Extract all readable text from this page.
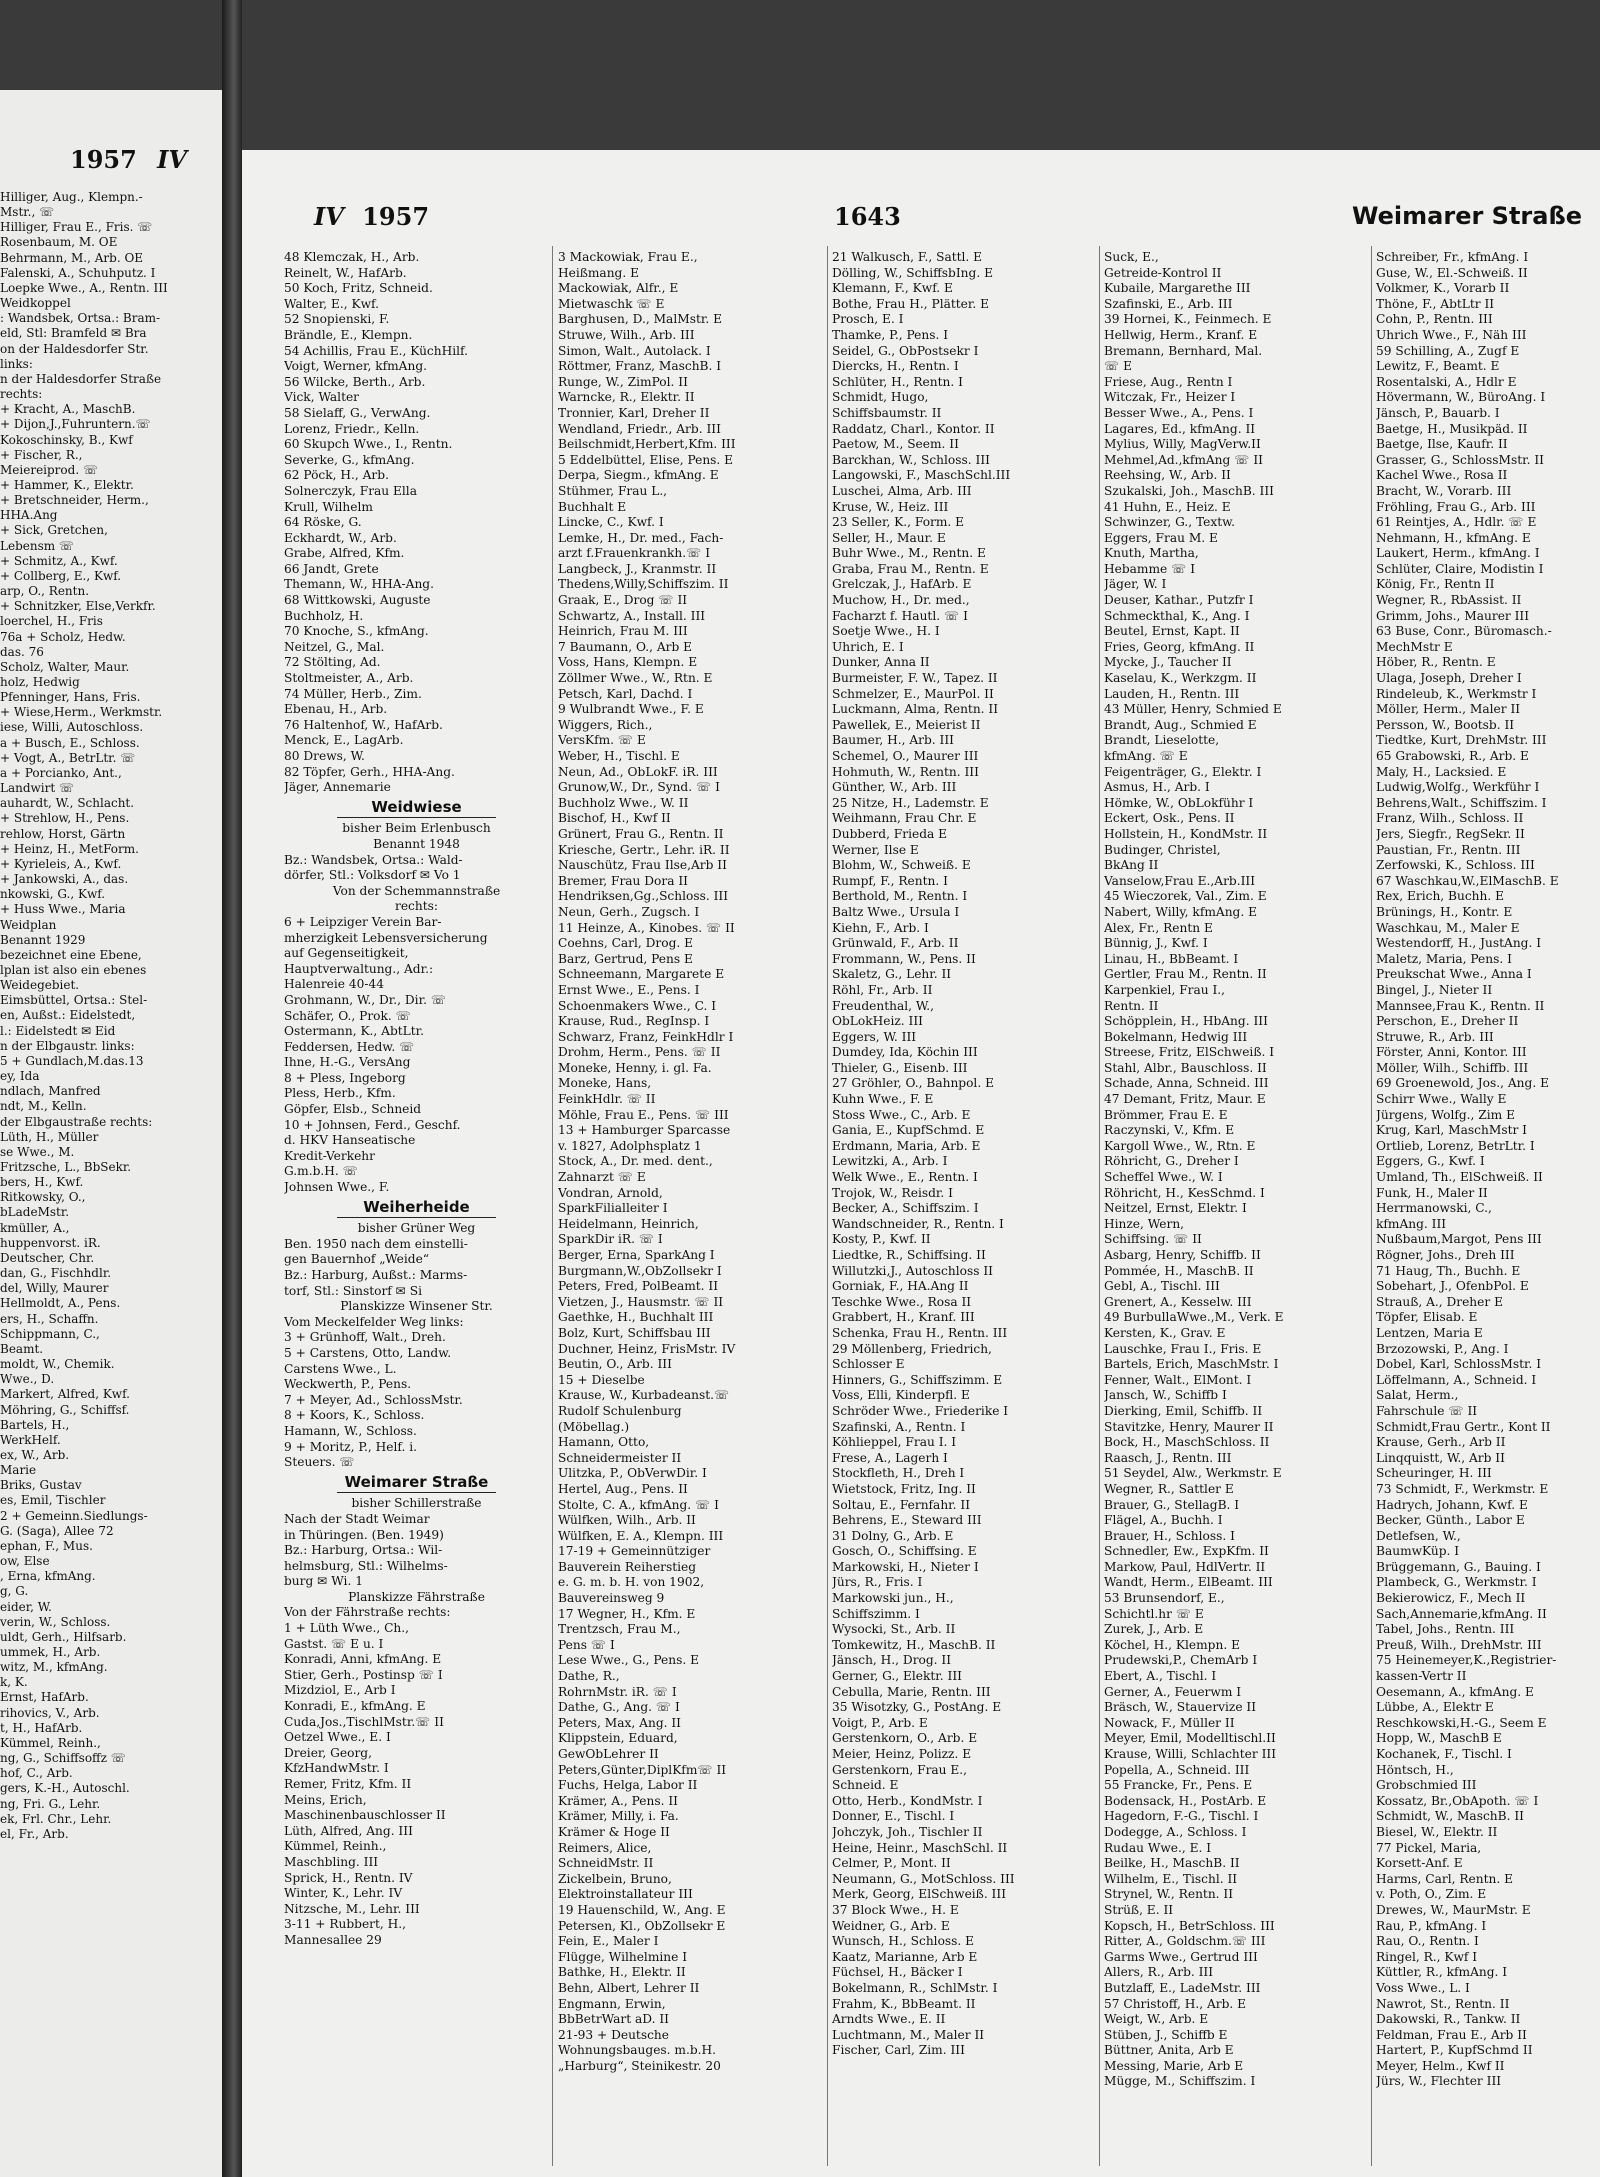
1957 IV
Hilliger, Aug., Klempn.-
Mstr., ☏
Hilliger, Frau E., Fris. ☏
Rosenbaum, M. OE
Behrmann, M., Arb. OE
Falenski, A., Schuhputz. I
Loepke Wwe., A., Rentn. III
Weidkoppel
: Wandsbek, Ortsa.: Bram-
eld, Stl: Bramfeld ✉ Bra
on der Haldesdorfer Str.
links:
n der Haldesdorfer Straße
rechts:
+ Kracht, A., MaschB.
+ Dijon,J.,Fuhruntern.☏
Kokoschinsky, B., Kwf
+ Fischer, R.,
Meiereiprod. ☏
+ Hammer, K., Elektr.
+ Bretschneider, Herm.,
HHA.Ang
+ Sick, Gretchen,
Lebensm ☏
+ Schmitz, A., Kwf.
+ Collberg, E., Kwf.
arp, O., Rentn.
+ Schnitzker, Else,Verkfr.
loerchel, H., Fris
76a + Scholz, Hedw.
das. 76
Scholz, Walter, Maur.
holz, Hedwig
Pfenninger, Hans, Fris.
+ Wiese,Herm., Werkmstr.
iese, Willi, Autoschloss.
a + Busch, E., Schloss.
+ Vogt, A., BetrLtr. ☏
a + Porcianko, Ant.,
Landwirt ☏
auhardt, W., Schlacht.
+ Strehlow, H., Pens.
rehlow, Horst, Gärtn
+ Heinz, H., MetForm.
+ Kyrieleis, A., Kwf.
+ Jankowski, A., das.
nkowski, G., Kwf.
+ Huss Wwe., Maria
Weidplan
Benannt 1929
bezeichnet eine Ebene,
lplan ist also ein ebenes
Weidegebiet.
Eimsbüttel, Ortsa.: Stel-
en, Außst.: Eidelstedt,
l.: Eidelstedt ✉ Eid
n der Elbgaustr. links:
5 + Gundlach,M.das.13
ey, Ida
ndlach, Manfred
ndt, M., Kelln.
der Elbgaustraße rechts:
Lüth, H., Müller
se Wwe., M.
Fritzsche, L., BbSekr.
bers, H., Kwf.
Ritkowsky, O.,
bLadeMstr.
kmüller, A.,
huppenvorst. iR.
Deutscher, Chr.
dan, G., Fischhdlr.
del, Willy, Maurer
Hellmoldt, A., Pens.
ers, H., Schaffn.
Schippmann, C.,
Beamt.
moldt, W., Chemik.
Wwe., D.
Markert, Alfred, Kwf.
Möhring, G., Schiffsf.
Bartels, H.,
WerkHelf.
ex, W., Arb.
Marie
Briks, Gustav
es, Emil, Tischler
2 + Gemeinn.Siedlungs-
G. (Saga), Allee 72
ephan, F., Mus.
ow, Else
, Erna, kfmAng.
g, G.
eider, W.
verin, W., Schloss.
uldt, Gerh., Hilfsarb.
ummek, H., Arb.
witz, M., kfmAng.
k, K.
Ernst, HafArb.
rihovics, V., Arb.
t, H., HafArb.
Kümmel, Reinh.,
ng, G., Schiffsoffz ☏
hof, C., Arb.
gers, K.-H., Autoschl.
ng, Fri. G., Lehr.
ek, Frl. Chr., Lehr.
el, Fr., Arb.
IV 1957	1643	Weimarer Straße
48 Klemczak, H., Arb.
Reinelt, W., HafArb.
50 Koch, Fritz, Schneid.
Walter, E., Kwf.
52 Snopienski, F.
Brändle, E., Klempn.
54 Achillis, Frau E., KüchHilf.
Voigt, Werner, kfmAng.
56 Wilcke, Berth., Arb.
Vick, Walter
58 Sielaff, G., VerwAng.
Lorenz, Friedr., Kelln.
60 Skupch Wwe., I., Rentn.
Severke, G., kfmAng.
62 Pöck, H., Arb.
Solnerczyk, Frau Ella
Krull, Wilhelm
64 Röske, G.
Eckhardt, W., Arb.
Grabe, Alfred, Kfm.
66 Jandt, Grete
Themann, W., HHA-Ang.
68 Wittkowski, Auguste
Buchholz, H.
70 Knoche, S., kfmAng.
Neitzel, G., Mal.
72 Stölting, Ad.
Stoltmeister, A., Arb.
74 Müller, Herb., Zim.
Ebenau, H., Arb.
76 Haltenhof, W., HafArb.
Menck, E., LagArb.
80 Drews, W.
82 Töpfer, Gerh., HHA-Ang.
Jäger, Annemarie
Weidwiese
bisher Beim Erlenbusch
Benannt 1948
Bz.: Wandsbek, Ortsa.: Wald-
dörfer, Stl.: Volksdorf ✉ Vo 1
Von der Schemmannstraße
rechts:
6 + Leipziger Verein Bar-
mherzigkeit Lebensversicherung
auf Gegenseitigkeit,
Hauptverwaltung., Adr.:
Halenreie 40-44
Grohmann, W., Dr., Dir. ☏
Schäfer, O., Prok. ☏
Ostermann, K., AbtLtr.
Feddersen, Hedw. ☏
Ihne, H.-G., VersAng
8 + Pless, Ingeborg
Pless, Herb., Kfm.
Göpfer, Elsb., Schneid
10 + Johnsen, Ferd., Geschf.
d. HKV Hanseatische
Kredit-Verkehr
G.m.b.H. ☏
Johnsen Wwe., F.
Weiherheide
bisher Grüner Weg
Ben. 1950 nach dem einstelli-
gen Bauernhof „Weide“
Bz.: Harburg, Außst.: Marms-
torf, Stl.: Sinstorf ✉ Si
Planskizze Winsener Str.
Vom Meckelfelder Weg links:
3 + Grünhoff, Walt., Dreh.
5 + Carstens, Otto, Landw.
Carstens Wwe., L.
Weckwerth, P., Pens.
7 + Meyer, Ad., SchlossMstr.
8 + Koors, K., Schloss.
Hamann, W., Schloss.
9 + Moritz, P., Helf. i.
Steuers. ☏
Weimarer Straße
bisher Schillerstraße
Nach der Stadt Weimar
in Thüringen. (Ben. 1949)
Bz.: Harburg, Ortsa.: Wil-
helmsburg, Stl.: Wilhelms-
burg ✉ Wi. 1
Planskizze Fährstraße
Von der Fährstraße rechts:
1 + Lüth Wwe., Ch.,
Gastst. ☏ E u. I
Konradi, Anni, kfmAng. E
Stier, Gerh., Postinsp ☏ I
Mizdziol, E., Arb I
Konradi, E., kfmAng. E
Cuda,Jos.,TischlMstr.☏ II
Oetzel Wwe., E. I
Dreier, Georg,
KfzHandwMstr. I
Remer, Fritz, Kfm. II
Meins, Erich,
Maschinenbauschlosser II
Lüth, Alfred, Ang. III
Kümmel, Reinh.,
Maschbling. III
Sprick, H., Rentn. IV
Winter, K., Lehr. IV
Nitzsche, M., Lehr. III
3-11 + Rubbert, H.,
Mannesallee 29
3 Mackowiak, Frau E.,
Heißmang. E
Mackowiak, Alfr., E
Mietwaschk ☏ E
Barghusen, D., MalMstr. E
Struwe, Wilh., Arb. III
Simon, Walt., Autolack. I
Röttmer, Franz, MaschB. I
Runge, W., ZimPol. II
Warncke, R., Elektr. II
Tronnier, Karl, Dreher II
Wendland, Friedr., Arb. III
Beilschmidt,Herbert,Kfm. III
5 Eddelbüttel, Elise, Pens. E
Derpa, Siegm., kfmAng. E
Stühmer, Frau L.,
Buchhalt E
Lincke, C., Kwf. I
Lemke, H., Dr. med., Fach-
arzt f.Frauenkrankh.☏ I
Langbeck, J., Kranmstr. II
Thedens,Willy,Schiffszim. II
Graak, E., Drog ☏ II
Schwartz, A., Install. III
Heinrich, Frau M. III
7 Baumann, O., Arb E
Voss, Hans, Klempn. E
Zöllmer Wwe., W., Rtn. E
Petsch, Karl, Dachd. I
9 Wulbrandt Wwe., F. E
Wiggers, Rich.,
VersKfm. ☏ E
Weber, H., Tischl. E
Neun, Ad., ObLokF. iR. III
Grunow,W., Dr., Synd. ☏ I
Buchholz Wwe., W. II
Bischof, H., Kwf II
Grünert, Frau G., Rentn. II
Kriesche, Gertr., Lehr. iR. II
Nauschütz, Frau Ilse,Arb II
Bremer, Frau Dora II
Hendriksen,Gg.,Schloss. III
Neun, Gerh., Zugsch. I
11 Heinze, A., Kinobes. ☏ II
Coehns, Carl, Drog. E
Barz, Gertrud, Pens E
Schneemann, Margarete E
Ernst Wwe., E., Pens. I
Schoenmakers Wwe., C. I
Krause, Rud., RegInsp. I
Schwarz, Franz, FeinkHdlr I
Drohm, Herm., Pens. ☏ II
Moneke, Henny, i. gl. Fa.
Moneke, Hans,
FeinkHdlr. ☏ II
Möhle, Frau E., Pens. ☏ III
13 + Hamburger Sparcasse
v. 1827, Adolphsplatz 1
Stock, A., Dr. med. dent.,
Zahnarzt ☏ E
Vondran, Arnold,
SparkFilialleiter I
Heidelmann, Heinrich,
SparkDir iR. ☏ I
Berger, Erna, SparkAng I
Burgmann,W.,ObZollsekr I
Peters, Fred, PolBeamt. II
Vietzen, J., Hausmstr. ☏ II
Gaethke, H., Buchhalt III
Bolz, Kurt, Schiffsbau III
Duchner, Heinz, FrisMstr. IV
Beutin, O., Arb. III
15 + Dieselbe
Krause, W., Kurbadeanst.☏
Rudolf Schulenburg
(Möbellag.)
Hamann, Otto,
Schneidermeister II
Ulitzka, P., ObVerwDir. I
Hertel, Aug., Pens. II
Stolte, C. A., kfmAng. ☏ I
Wülfken, Wilh., Arb. II
Wülfken, E. A., Klempn. III
17-19 + Gemeinnütziger
Bauverein Reiherstieg
e. G. m. b. H. von 1902,
Bauvereinsweg 9
17 Wegner, H., Kfm. E
Trentzsch, Frau M.,
Pens ☏ I
Lese Wwe., G., Pens. E
Dathe, R.,
RohrnMstr. iR. ☏ I
Dathe, G., Ang. ☏ I
Peters, Max, Ang. II
Klippstein, Eduard,
GewObLehrer II
Peters,Günter,DiplKfm☏ II
Fuchs, Helga, Labor II
Krämer, A., Pens. II
Krämer, Milly, i. Fa.
Krämer & Hoge II
Reimers, Alice,
SchneidMstr. II
Zickelbein, Bruno,
Elektroinstallateur III
19 Hauenschild, W., Ang. E
Petersen, Kl., ObZollsekr E
Fein, E., Maler I
Flügge, Wilhelmine I
Bathke, H., Elektr. II
Behn, Albert, Lehrer II
Engmann, Erwin,
BbBetrWart aD. II
21-93 + Deutsche
Wohnungsbauges. m.b.H.
„Harburg“, Steinikestr. 20
21 Walkusch, F., Sattl. E
Dölling, W., SchiffsbIng. E
Klemann, F., Kwf. E
Bothe, Frau H., Plätter. E
Prosch, E. I
Thamke, P., Pens. I
Seidel, G., ObPostsekr I
Diercks, H., Rentn. I
Schlüter, H., Rentn. I
Schmidt, Hugo,
Schiffsbaumstr. II
Raddatz, Charl., Kontor. II
Paetow, M., Seem. II
Barckhan, W., Schloss. III
Langowski, F., MaschSchl.III
Luschei, Alma, Arb. III
Kruse, W., Heiz. III
23 Seller, K., Form. E
Seller, H., Maur. E
Buhr Wwe., M., Rentn. E
Graba, Frau M., Rentn. E
Grelczak, J., HafArb. E
Muchow, H., Dr. med.,
Facharzt f. Hautl. ☏ I
Soetje Wwe., H. I
Uhrich, E. I
Dunker, Anna II
Burmeister, F. W., Tapez. II
Schmelzer, E., MaurPol. II
Luckmann, Alma, Rentn. II
Pawellek, E., Meierist II
Baumer, H., Arb. III
Schemel, O., Maurer III
Hohmuth, W., Rentn. III
Günther, W., Arb. III
25 Nitze, H., Lademstr. E
Weihmann, Frau Chr. E
Dubberd, Frieda E
Werner, Ilse E
Blohm, W., Schweiß. E
Rumpf, F., Rentn. I
Berthold, M., Rentn. I
Baltz Wwe., Ursula I
Kiehn, F., Arb. I
Grünwald, F., Arb. II
Frommann, W., Pens. II
Skaletz, G., Lehr. II
Röhl, Fr., Arb. II
Freudenthal, W.,
ObLokHeiz. III
Eggers, W. III
Dumdey, Ida, Köchin III
Thieler, G., Eisenb. III
27 Gröhler, O., Bahnpol. E
Kuhn Wwe., F. E
Stoss Wwe., C., Arb. E
Gania, E., KupfSchmd. E
Erdmann, Maria, Arb. E
Lewitzki, A., Arb. I
Welk Wwe., E., Rentn. I
Trojok, W., Reisdr. I
Becker, A., Schiffszim. I
Wandschneider, R., Rentn. I
Kosty, P., Kwf. II
Liedtke, R., Schiffsing. II
Willutzki,J., Autoschloss II
Gorniak, F., HA.Ang II
Teschke Wwe., Rosa II
Grabbert, H., Kranf. III
Schenka, Frau H., Rentn. III
29 Möllenberg, Friedrich,
Schlosser E
Hinners, G., Schiffszimm. E
Voss, Elli, Kinderpfl. E
Schröder Wwe., Friederike I
Szafinski, A., Rentn. I
Köhlieppel, Frau I. I
Frese, A., Lagerh I
Stockfleth, H., Dreh I
Wietstock, Fritz, Ing. II
Soltau, E., Fernfahr. II
Behrens, E., Steward III
31 Dolny, G., Arb. E
Gosch, O., Schiffsing. E
Markowski, H., Nieter I
Jürs, R., Fris. I
Markowski jun., H.,
Schiffszimm. I
Wysocki, St., Arb. II
Tomkewitz, H., MaschB. II
Jänsch, H., Drog. II
Gerner, G., Elektr. III
Cebulla, Marie, Rentn. III
35 Wisotzky, G., PostAng. E
Voigt, P., Arb. E
Gerstenkorn, O., Arb. E
Meier, Heinz, Polizz. E
Gerstenkorn, Frau E.,
Schneid. E
Otto, Herb., KondMstr. I
Donner, E., Tischl. I
Johczyk, Joh., Tischler II
Heine, Heinr., MaschSchl. II
Celmer, P., Mont. II
Neumann, G., MotSchloss. III
Merk, Georg, ElSchweiß. III
37 Block Wwe., H. E
Weidner, G., Arb. E
Wunsch, H., Schloss. E
Kaatz, Marianne, Arb E
Füchsel, H., Bäcker I
Bokelmann, R., SchlMstr. I
Frahm, K., BbBeamt. II
Arndts Wwe., E. II
Luchtmann, M., Maler II
Fischer, Carl, Zim. III
Suck, E.,
Getreide-Kontrol II
Kubaile, Margarethe III
Szafinski, E., Arb. III
39 Hornei, K., Feinmech. E
Hellwig, Herm., Kranf. E
Bremann, Bernhard, Mal.
☏ E
Friese, Aug., Rentn I
Witczak, Fr., Heizer I
Besser Wwe., A., Pens. I
Lagares, Ed., kfmAng. II
Mylius, Willy, MagVerw.II
Mehmel,Ad.,kfmAng ☏ II
Reehsing, W., Arb. II
Szukalski, Joh., MaschB. III
41 Huhn, E., Heiz. E
Schwinzer, G., Textw.
Eggers, Frau M. E
Knuth, Martha,
Hebamme ☏ I
Jäger, W. I
Deuser, Kathar., Putzfr I
Schmeckthal, K., Ang. I
Beutel, Ernst, Kapt. II
Fries, Georg, kfmAng. II
Mycke, J., Taucher II
Kaselau, K., Werkzgm. II
Lauden, H., Rentn. III
43 Müller, Henry, Schmied E
Brandt, Aug., Schmied E
Brandt, Lieselotte,
kfmAng. ☏ E
Feigenträger, G., Elektr. I
Asmus, H., Arb. I
Hömke, W., ObLokführ I
Eckert, Osk., Pens. II
Hollstein, H., KondMstr. II
Budinger, Christel,
BkAng II
Vanselow,Frau E.,Arb.III
45 Wieczorek, Val., Zim. E
Nabert, Willy, kfmAng. E
Alex, Fr., Rentn E
Bünnig, J., Kwf. I
Linau, H., BbBeamt. I
Gertler, Frau M., Rentn. II
Karpenkiel, Frau I.,
Rentn. II
Schöpplein, H., HbAng. III
Bokelmann, Hedwig III
Streese, Fritz, ElSchweiß. I
Stahl, Albr., Bauschloss. II
Schade, Anna, Schneid. III
47 Demant, Fritz, Maur. E
Brömmer, Frau E. E
Raczynski, V., Kfm. E
Kargoll Wwe., W., Rtn. E
Röhricht, G., Dreher I
Scheffel Wwe., W. I
Röhricht, H., KesSchmd. I
Neitzel, Ernst, Elektr. I
Hinze, Wern,
Schiffsing. ☏ II
Asbarg, Henry, Schiffb. II
Pommée, H., MaschB. II
Gebl, A., Tischl. III
Grenert, A., Kesselw. III
49 BurbullaWwe.,M., Verk. E
Kersten, K., Grav. E
Lauschke, Frau I., Fris. E
Bartels, Erich, MaschMstr. I
Fenner, Walt., ElMont. I
Jansch, W., Schiffb I
Dierking, Emil, Schiffb. II
Stavitzke, Henry, Maurer II
Bock, H., MaschSchloss. II
Raasch, J., Rentn. III
51 Seydel, Alw., Werkmstr. E
Wegner, R., Sattler E
Brauer, G., StellagB. I
Flägel, A., Buchh. I
Brauer, H., Schloss. I
Schnedler, Ew., ExpKfm. II
Markow, Paul, HdlVertr. II
Wandt, Herm., ElBeamt. III
53 Brunsendorf, E.,
Schichtl.hr ☏ E
Zurek, J., Arb. E
Köchel, H., Klempn. E
Prudewski,P., ChemArb I
Ebert, A., Tischl. I
Gerner, A., Feuerwm I
Bräsch, W., Stauervize II
Nowack, F., Müller II
Meyer, Emil, Modelltischl.II
Krause, Willi, Schlachter III
Popella, A., Schneid. III
55 Francke, Fr., Pens. E
Bodensack, H., PostArb. E
Hagedorn, F.-G., Tischl. I
Dodegge, A., Schloss. I
Rudau Wwe., E. I
Beilke, H., MaschB. II
Wilhelm, E., Tischl. II
Strynel, W., Rentn. II
Strüß, E. II
Kopsch, H., BetrSchloss. III
Ritter, A., Goldschm.☏ III
Garms Wwe., Gertrud III
Allers, R., Arb. III
Butzlaff, E., LadeMstr. III
57 Christoff, H., Arb. E
Weigt, W., Arb. E
Stüben, J., Schiffb E
Büttner, Anita, Arb E
Messing, Marie, Arb E
Mügge, M., Schiffszim. I
Schreiber, Fr., kfmAng. I
Guse, W., El.-Schweiß. II
Volkmer, K., Vorarb II
Thöne, F., AbtLtr II
Cohn, P., Rentn. III
Uhrich Wwe., F., Näh III
59 Schilling, A., Zugf E
Lewitz, F., Beamt. E
Rosentalski, A., Hdlr E
Hövermann, W., BüroAng. I
Jänsch, P., Bauarb. I
Baetge, H., Musikpäd. II
Baetge, Ilse, Kaufr. II
Grasser, G., SchlossMstr. II
Kachel Wwe., Rosa II
Bracht, W., Vorarb. III
Fröhling, Frau G., Arb. III
61 Reintjes, A., Hdlr. ☏ E
Nehmann, H., kfmAng. E
Laukert, Herm., kfmAng. I
Schlüter, Claire, Modistin I
König, Fr., Rentn II
Wegner, R., RbAssist. II
Grimm, Johs., Maurer III
63 Buse, Conr., Büromasch.-
MechMstr E
Höber, R., Rentn. E
Ulaga, Joseph, Dreher I
Rindeleub, K., Werkmstr I
Möller, Herm., Maler II
Persson, W., Bootsb. II
Tiedtke, Kurt, DrehMstr. III
65 Grabowski, R., Arb. E
Maly, H., Lacksied. E
Ludwig,Wolfg., Werkführ I
Behrens,Walt., Schiffszim. I
Franz, Wilh., Schloss. II
Jers, Siegfr., RegSekr. II
Paustian, Fr., Rentn. III
Zerfowski, K., Schloss. III
67 Waschkau,W.,ElMaschB. E
Rex, Erich, Buchh. E
Brünings, H., Kontr. E
Waschkau, M., Maler E
Westendorff, H., JustAng. I
Maletz, Maria, Pens. I
Preukschat Wwe., Anna I
Bingel, J., Nieter II
Mannsee,Frau K., Rentn. II
Perschon, E., Dreher II
Struwe, R., Arb. III
Förster, Anni, Kontor. III
Möller, Wilh., Schiffb. III
69 Groenewold, Jos., Ang. E
Schirr Wwe., Wally E
Jürgens, Wolfg., Zim E
Krug, Karl, MaschMstr I
Ortlieb, Lorenz, BetrLtr. I
Eggers, G., Kwf. I
Umland, Th., ElSchweiß. II
Funk, H., Maler II
Herrmanowski, C.,
kfmAng. III
Nußbaum,Margot, Pens III
Rögner, Johs., Dreh III
71 Haug, Th., Buchh. E
Sobehart, J., OfenbPol. E
Strauß, A., Dreher E
Töpfer, Elisab. E
Lentzen, Maria E
Brzozowski, P., Ang. I
Dobel, Karl, SchlossMstr. I
Löffelmann, A., Schneid. I
Salat, Herm.,
Fahrschule ☏ II
Schmidt,Frau Gertr., Kont II
Krause, Gerh., Arb II
Linqquistt, W., Arb II
Scheuringer, H. III
73 Schmidt, F., Werkmstr. E
Hadrych, Johann, Kwf. E
Becker, Günth., Labor E
Detlefsen, W.,
BaumwKüp. I
Brüggemann, G., Bauing. I
Plambeck, G., Werkmstr. I
Bekierowicz, F., Mech II
Sach,Annemarie,kfmAng. II
Tabel, Johs., Rentn. III
Preuß, Wilh., DrehMstr. III
75 Heinemeyer,K.,Registrier-
kassen-Vertr II
Oesemann, A., kfmAng. E
Lübbe, A., Elektr E
Reschkowski,H.-G., Seem E
Hopp, W., MaschB E
Kochanek, F., Tischl. I
Höntsch, H.,
Grobschmied III
Kossatz, Br.,ObApoth. ☏ I
Schmidt, W., MaschB. II
Biesel, W., Elektr. II
77 Pickel, Maria,
Korsett-Anf. E
Harms, Carl, Rentn. E
v. Poth, O., Zim. E
Drewes, W., MaurMstr. E
Rau, P., kfmAng. I
Rau, O., Rentn. I
Ringel, R., Kwf I
Küttler, R., kfmAng. I
Voss Wwe., L. I
Nawrot, St., Rentn. II
Dakowski, R., Tankw. II
Feldman, Frau E., Arb II
Hartert, P., KupfSchmd II
Meyer, Helm., Kwf II
Jürs, W., Flechter III
